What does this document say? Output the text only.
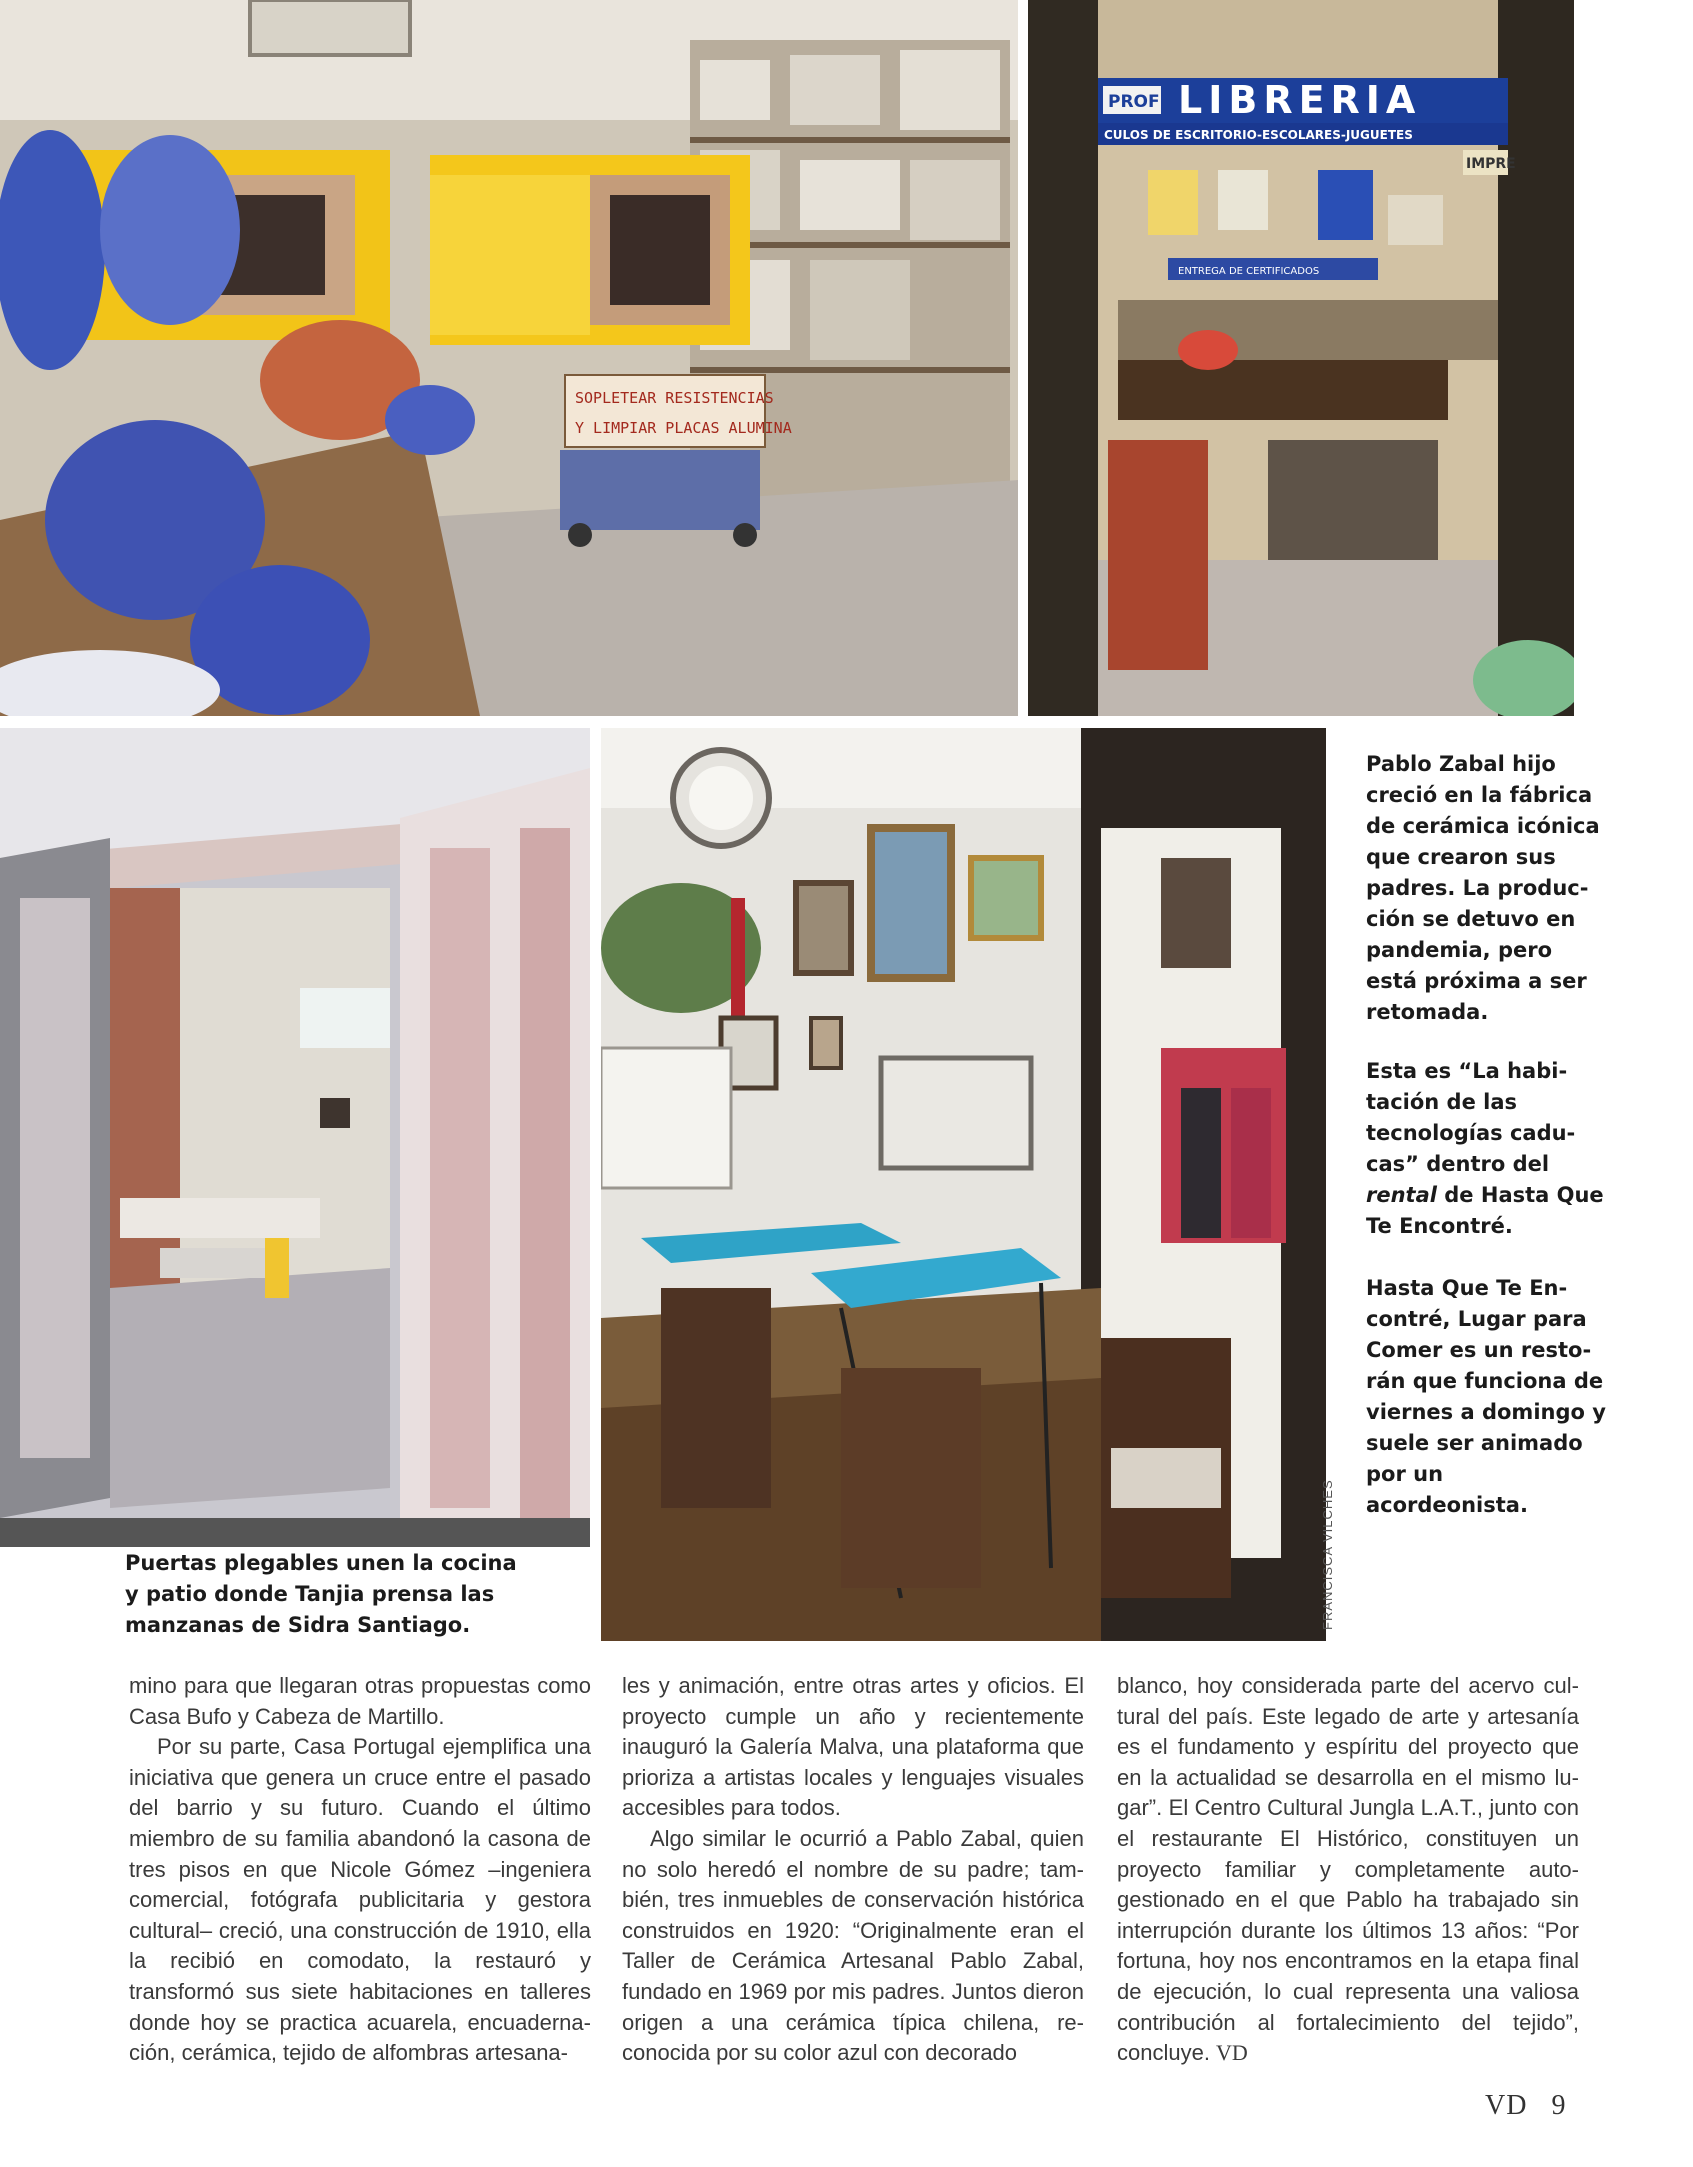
SOPLETEAR RESISTENCIAS
Y LIMPIAR PLACAS ALUMINA
PROF LIBRERIA
CULOS DE ESCRITORIO-ESCOLARES-JUGUETES
IMPRE
ENTREGA DE CERTIFICADOS

Puertas plegables unen la cocina y patio donde Tanjia prensa las manzanas de Sidra Santiago.

Pablo Zabal hijo creció en la fábrica de cerámica icónica que crearon sus padres. La producción se detuvo en pandemia, pero está próxima a ser retomada.

Esta es “La habitación de las tecnologías caducas” dentro del rental de Hasta Que Te Encontré.

Hasta Que Te Encontré, Lugar para Comer es un restorán que funciona de viernes a domingo y suele ser animado por un acordeonista.

FRANCISCA VILCHES

mino para que llegaran otras propuestas como Casa Bufo y Cabeza de Martillo.

Por su parte, Casa Portugal ejemplifica una iniciativa que genera un cruce entre el pasado del barrio y su futuro. Cuando el último miembro de su familia abandonó la casona de tres pisos en que Nicole Gómez –ingeniera comercial, fotógrafa publicitaria y gestora cultural– creció, una construcción de 1910, ella la recibió en comodato, la restauró y transformó sus siete habitaciones en talleres donde hoy se practica acuarela, encuadernación, cerámica, tejido de alfombras artesana-

les y animación, entre otras artes y oficios. El proyecto cumple un año y recientemente inauguró la Galería Malva, una plataforma que prioriza a artistas locales y lenguajes visuales accesibles para todos.

Algo similar le ocurrió a Pablo Zabal, quien no solo heredó el nombre de su padre; también, tres inmuebles de conservación histórica construidos en 1920: “Originalmente eran el Taller de Cerámica Artesanal Pablo Zabal, fundado en 1969 por mis padres. Juntos dieron origen a una cerámica típica chilena, reconocida por su color azul con decorado

blanco, hoy considerada parte del acervo cultural del país. Este legado de arte y artesanía es el fundamento y espíritu del proyecto que en la actualidad se desarrolla en el mismo lugar”. El Centro Cultural Jungla L.A.T., junto con el restaurante El Histórico, constituyen un proyecto familiar y completamente autogestionado en el que Pablo ha trabajado sin interrupción durante los últimos 13 años: “Por fortuna, hoy nos encontramos en la etapa final de ejecución, lo cual representa una valiosa contribución al fortalecimiento del tejido”, concluye. VD

VD 9
